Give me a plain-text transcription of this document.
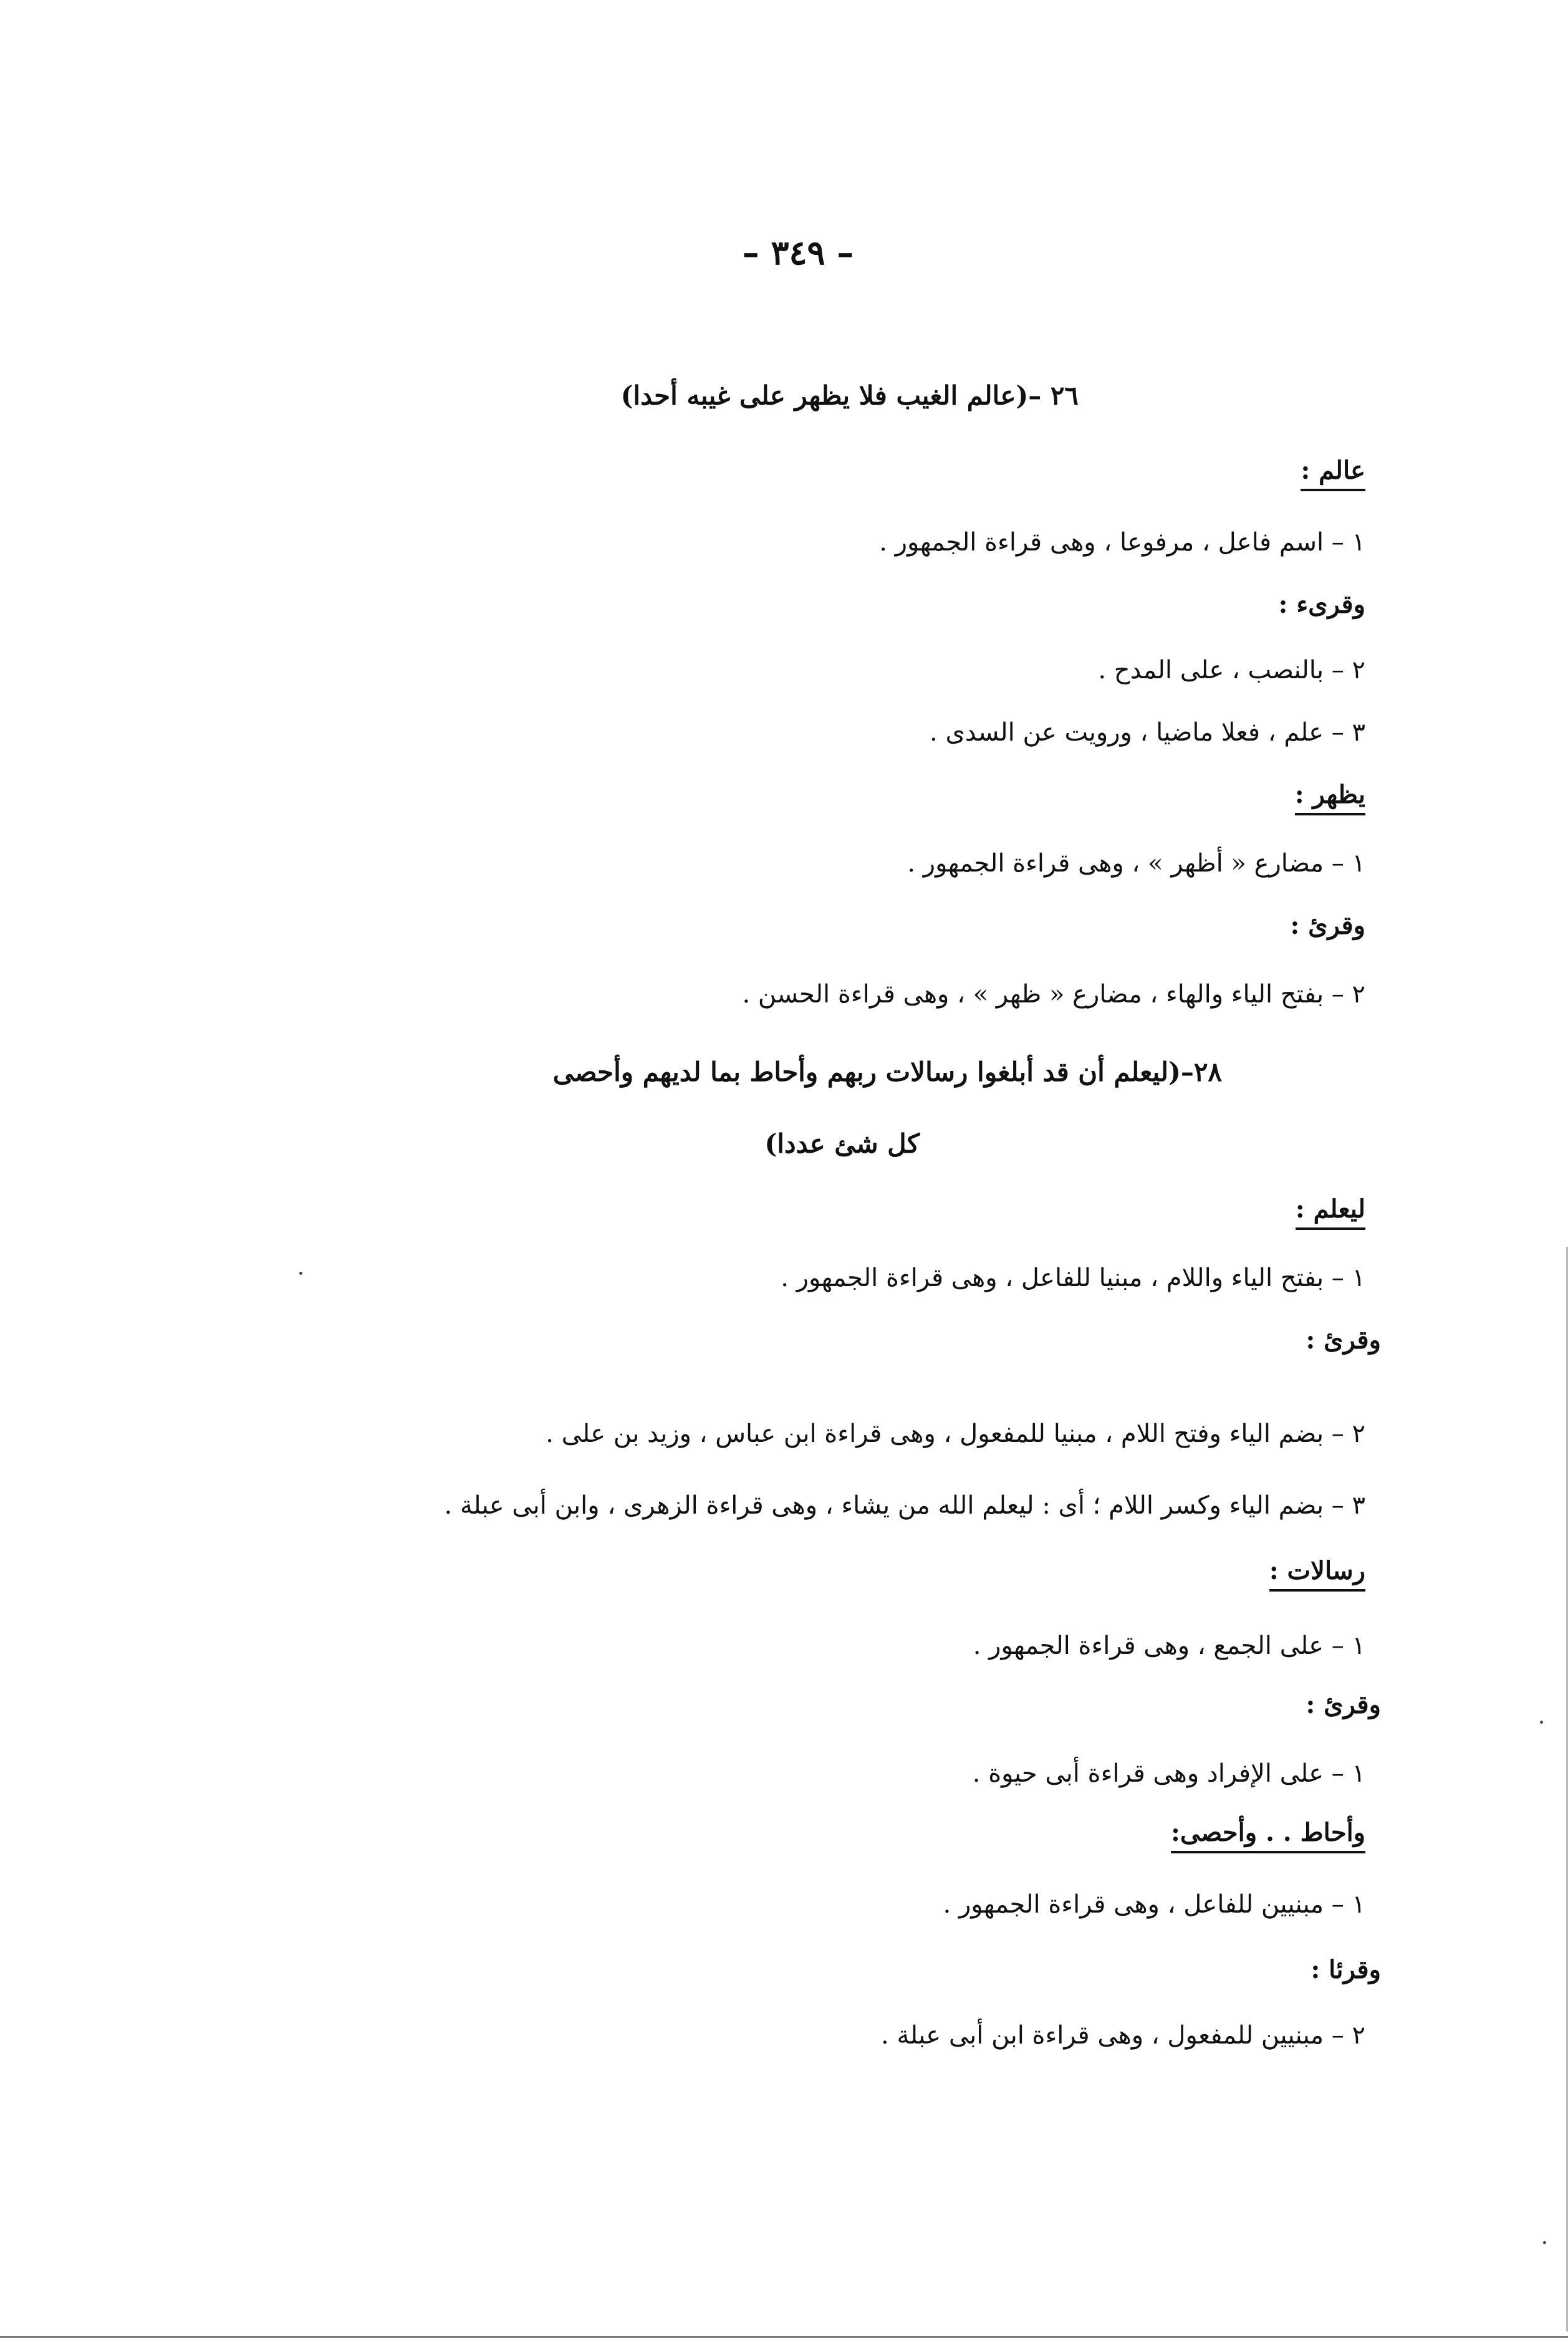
– ٣٤٩ –
٢٦ –(عالم الغيب فلا يظهر على غيبه أحدا)
عالم :
١ – اسم فاعل ، مرفوعا ، وهى قراءة الجمهور .
وقرىء :
٢ – بالنصب ، على المدح .
٣ – علم ، فعلا ماضيا ، ورويت عن السدى .
يظهر :
١ – مضارع « أظهر » ، وهى قراءة الجمهور .
وقرئ :
٢ – بفتح الياء والهاء ، مضارع « ظهر » ، وهى قراءة الحسن .
٢٨–(ليعلم أن قد أبلغوا رسالات ربهم وأحاط بما لديهم وأحصى
كل شئ عددا)
ليعلم :
١ – بفتح الياء واللام ، مبنيا للفاعل ، وهى قراءة الجمهور .
وقرئ :
٢ – بضم الياء وفتح اللام ، مبنيا للمفعول ، وهى قراءة ابن عباس ، وزيد بن على .
٣ – بضم الياء وكسر اللام ؛ أى : ليعلم الله من يشاء ، وهى قراءة الزهرى ، وابن أبى عبلة .
رسالات :
١ – على الجمع ، وهى قراءة الجمهور .
وقرئ :
١ – على الإفراد وهى قراءة أبى حيوة .
وأحاط . . وأحصى:
١ – مبنيين للفاعل ، وهى قراءة الجمهور .
وقرئا :
٢ – مبنيين للمفعول ، وهى قراءة ابن أبى عبلة .
